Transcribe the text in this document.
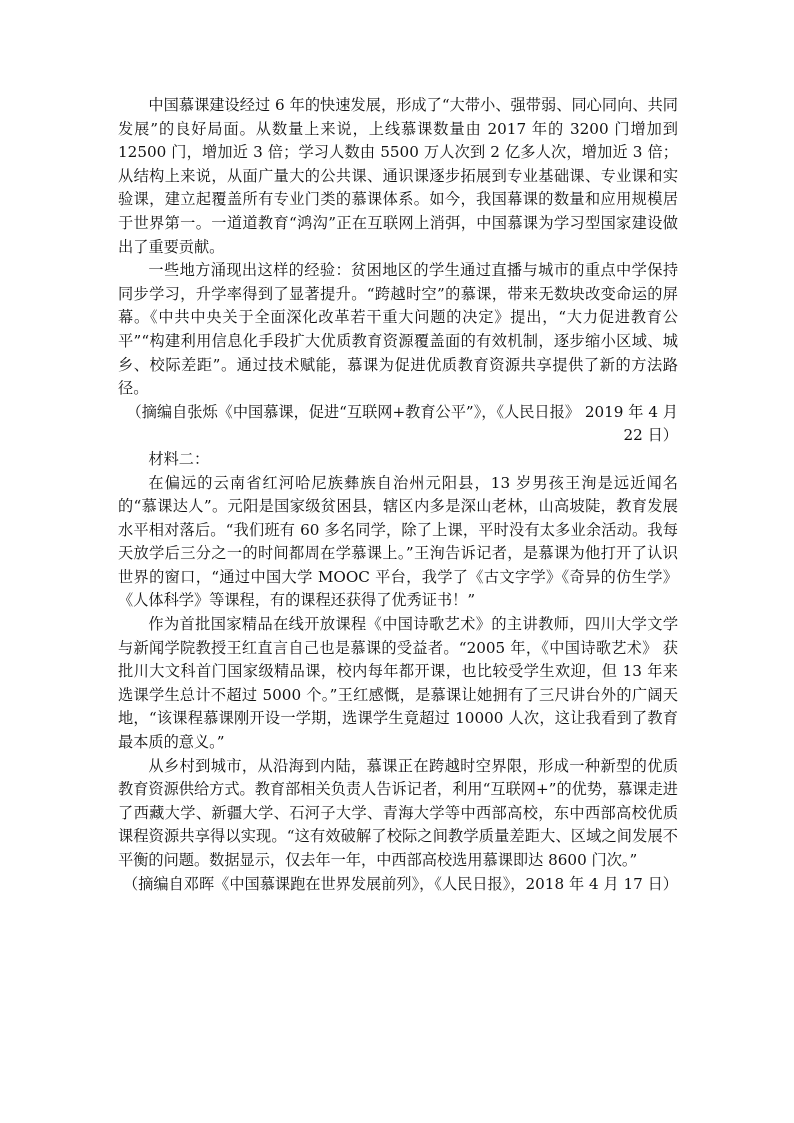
中国慕课建设经过 6 年的快速发展，形成了“大带小、强带弱、同心同向、共同发展”的良好局面。从数量上来说，上线慕课数量由 2017 年的 3200 门增加到 12500 门，增加近 3 倍；学习人数由 5500 万人次到 2 亿多人次，增加近 3 倍；从结构上来说，从面广量大的公共课、通识课逐步拓展到专业基础课、专业课和实验课，建立起覆盖所有专业门类的慕课体系。如今，我国幕课的数量和应用规模居于世界第一。一道道教育“鸿沟”正在互联网上消弭，中国慕课为学习型国家建设做出了重要贡献。

一些地方涌现出这样的经验：贫困地区的学生通过直播与城市的重点中学保持同步学习，升学率得到了显著提升。“跨越时空”的慕课，带来无数块改变命运的屏幕。《中共中央关于全面深化改革若干重大问题的决定》提出，“大力促进教育公平”“构建利用信息化手段扩大优质教育资源覆盖面的有效机制，逐步缩小区域、城乡、校际差距”。通过技术赋能，慕课为促进优质教育资源共享提供了新的方法路径。

（摘编自张烁《中国慕课，促进“互联网+教育公平”》，《人民日报》 2019 年 4 月 22 日）

材料二：

在偏远的云南省红河哈尼族彝族自治州元阳县，13 岁男孩王洵是远近闻名的“慕课达人”。元阳是国家级贫困县，辖区内多是深山老林，山高坡陡，教育发展水平相对落后。“我们班有 60 多名同学，除了上课，平时没有太多业余活动。我每天放学后三分之一的时间都周在学慕课上。”王洵告诉记者，是慕课为他打开了认识世界的窗口，“通过中国大学 MOOC 平台，我学了《古文字学》《奇异的仿生学》《人体科学》等课程，有的课程还获得了优秀证书！”

作为首批国家精品在线开放课程《中国诗歌艺术》的主讲教师，四川大学文学与新闻学院教授王红直言自己也是慕课的受益者。“2005 年，《中国诗歌艺术》 获批川大文科首门国家级精品课，校内每年都开课，也比较受学生欢迎，但 13 年来选课学生总计不超过 5000 个。”王红感慨，是慕课让她拥有了三尺讲台外的广阔天地，“该课程慕课刚开设一学期，选课学生竟超过 10000 人次，这让我看到了教育最本质的意义。”

从乡村到城市，从沿海到内陆，慕课正在跨越时空界限，形成一种新型的优质教育资源供给方式。教育部相关负责人告诉记者，利用“互联网+”的优势，慕课走进了西藏大学、新疆大学、石河子大学、青海大学等中西部高校，东中西部高校优质课程资源共享得以实现。“这有效破解了校际之间教学质量差距大、区域之间发展不平衡的问题。数据显示，仅去年一年，中西部高校选用慕课即达 8600 门次。”

（摘编自邓晖《中国慕课跑在世界发展前列》，《人民日报》，2018 年 4 月 17 日）
